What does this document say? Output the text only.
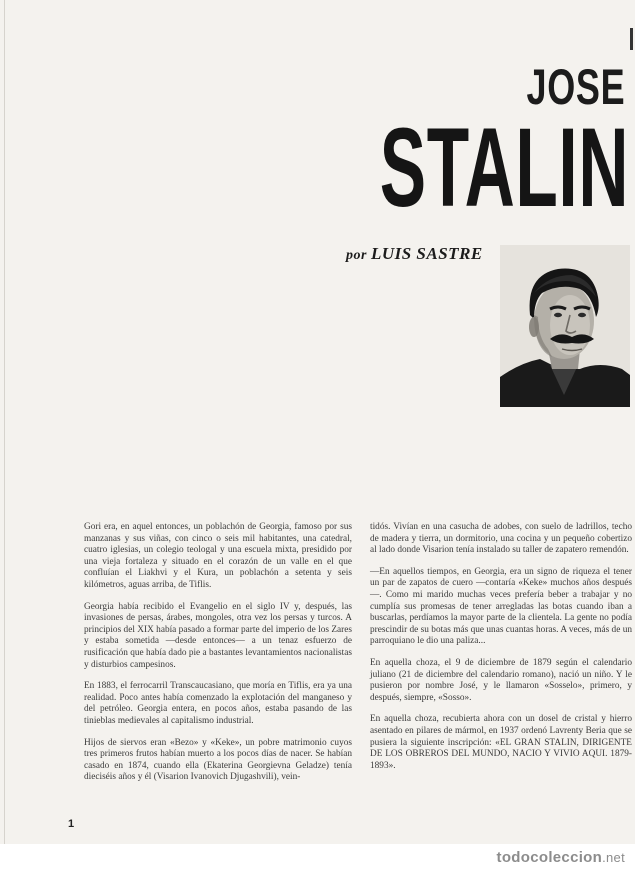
JOSE
STALIN
por LUIS SASTRE

Gori era, en aquel entonces, un poblachón de Georgia, famoso por sus manzanas y sus viñas, con cinco o seis mil habitantes, una catedral, cuatro iglesias, un colegio teologal y una escuela mixta, presidido por una vieja fortaleza y situado en el corazón de un valle en el que confluían el Liakhvi y el Kura, un poblachón a setenta y seis kilómetros, aguas arriba, de Tiflis.

Georgia había recibido el Evangelio en el siglo IV y, después, las invasiones de persas, árabes, mongoles, otra vez los persas y turcos. A principios del XIX había pasado a formar parte del imperio de los Zares y estaba sometida —desde entonces— a un tenaz esfuerzo de rusificación que había dado pie a bastantes levantamientos nacionalistas y disturbios campesinos.

En 1883, el ferrocarril Transcaucasiano, que moría en Tiflis, era ya una realidad. Poco antes había comenzado la explotación del manganeso y del petróleo. Georgia entera, en pocos años, estaba pasando de las tinieblas medievales al capitalismo industrial.

Hijos de siervos eran «Bezo» y «Keke», un pobre matrimonio cuyos tres primeros frutos habían muerto a los pocos días de nacer. Se habían casado en 1874, cuando ella (Ekaterina Georgievna Geladze) tenía dieciséis años y él (Visarion Ivanovich Djugashvili), vein-

tidós. Vivían en una casucha de adobes, con suelo de ladrillos, techo de madera y tierra, un dormitorio, una cocina y un pequeño cobertizo al lado donde Visarion tenía instalado su taller de zapatero remendón.

—En aquellos tiempos, en Georgia, era un signo de riqueza el tener un par de zapatos de cuero —contaría «Keke» muchos años después—. Como mi marido muchas veces prefería beber a trabajar y no cumplía sus promesas de tener arregladas las botas cuando iban a buscarlas, perdíamos la mayor parte de la clientela. La gente no podía prescindir de su botas más que unas cuantas horas. A veces, más de un parroquiano le dio una paliza...

En aquella choza, el 9 de diciembre de 1879 según el calendario juliano (21 de diciembre del calendario romano), nació un niño. Y le pusieron por nombre José, y le llamaron «Sosselo», primero, y después, siempre, «Sosso».

En aquella choza, recubierta ahora con un dosel de cristal y hierro asentado en pilares de mármol, en 1937 ordenó Lavrenty Beria que se pusiera la siguiente inscripción: «EL GRAN STALIN, DIRIGENTE DE LOS OBREROS DEL MUNDO, NACIO Y VIVIO AQUI. 1879-1893».

1
todocoleccion.net
